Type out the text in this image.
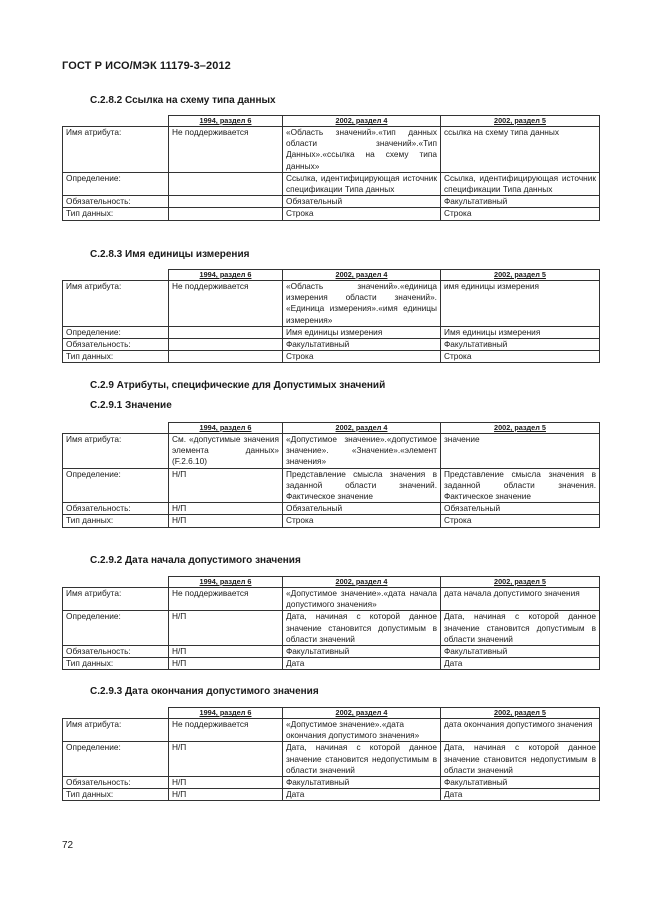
ГОСТ Р ИСО/МЭК 11179-3–2012
С.2.8.2 Ссылка на схему типа данных
	1994, раздел 6	2002, раздел 4	2002, раздел 5
Имя атрибута:	Не поддерживается	«Область значений».«тип данных области значений».«Тип Данных».«ссылка на схему типа данных»	ссылка на схему типа данных
Определение:		Ссылка, идентифицирующая источник спецификации Типа данных	Ссылка, идентифицирующая источник спецификации Типа данных
Обязательность:		Обязательный	Факультативный
Тип данных:		Строка	Строка
С.2.8.3 Имя единицы измерения
	1994, раздел 6	2002, раздел 4	2002, раздел 5
Имя атрибута:	Не поддерживается	«Область значений».«единица измерения области значений». «Единица измерения».«имя единицы измерения»	имя единицы измерения
Определение:		Имя единицы измерения	Имя единицы измерения
Обязательность:		Факультативный	Факультативный
Тип данных:		Строка	Строка
С.2.9 Атрибуты, специфические для Допустимых значений
С.2.9.1 Значение
	1994, раздел 6	2002, раздел 4	2002, раздел 5
Имя атрибута:	См. «допустимые значения элемента данных» (F.2.6.10)	«Допустимое значение».«допустимое значение». «Значение».«элемент значения»	значение
Определение:	Н/П	Представление смысла значения в заданной области значений. Фактическое значение	Представление смысла значения в заданной области значения. Фактическое значение
Обязательность:	Н/П	Обязательный	Обязательный
Тип данных:	Н/П	Строка	Строка
С.2.9.2 Дата начала допустимого значения
	1994, раздел 6	2002, раздел 4	2002, раздел 5
Имя атрибута:	Не поддерживается	«Допустимое значение».«дата начала допустимого значения»	дата начала допустимого значения
Определение:	Н/П	Дата, начиная с которой данное значение становится допустимым в области значений	Дата, начиная с которой данное значение становится допустимым в области значений
Обязательность:	Н/П	Факультативный	Факультативный
Тип данных:	Н/П	Дата	Дата
С.2.9.3 Дата окончания допустимого значения
	1994, раздел 6	2002, раздел 4	2002, раздел 5
Имя атрибута:	Не поддерживается	«Допустимое значение».«дата окончания допустимого значения»	дата окончания допустимого значения
Определение:	Н/П	Дата, начиная с которой данное значение становится недопустимым в области значений	Дата, начиная с которой данное значение становится недопустимым в области значений
Обязательность:	Н/П	Факультативный	Факультативный
Тип данных:	Н/П	Дата	Дата
72
